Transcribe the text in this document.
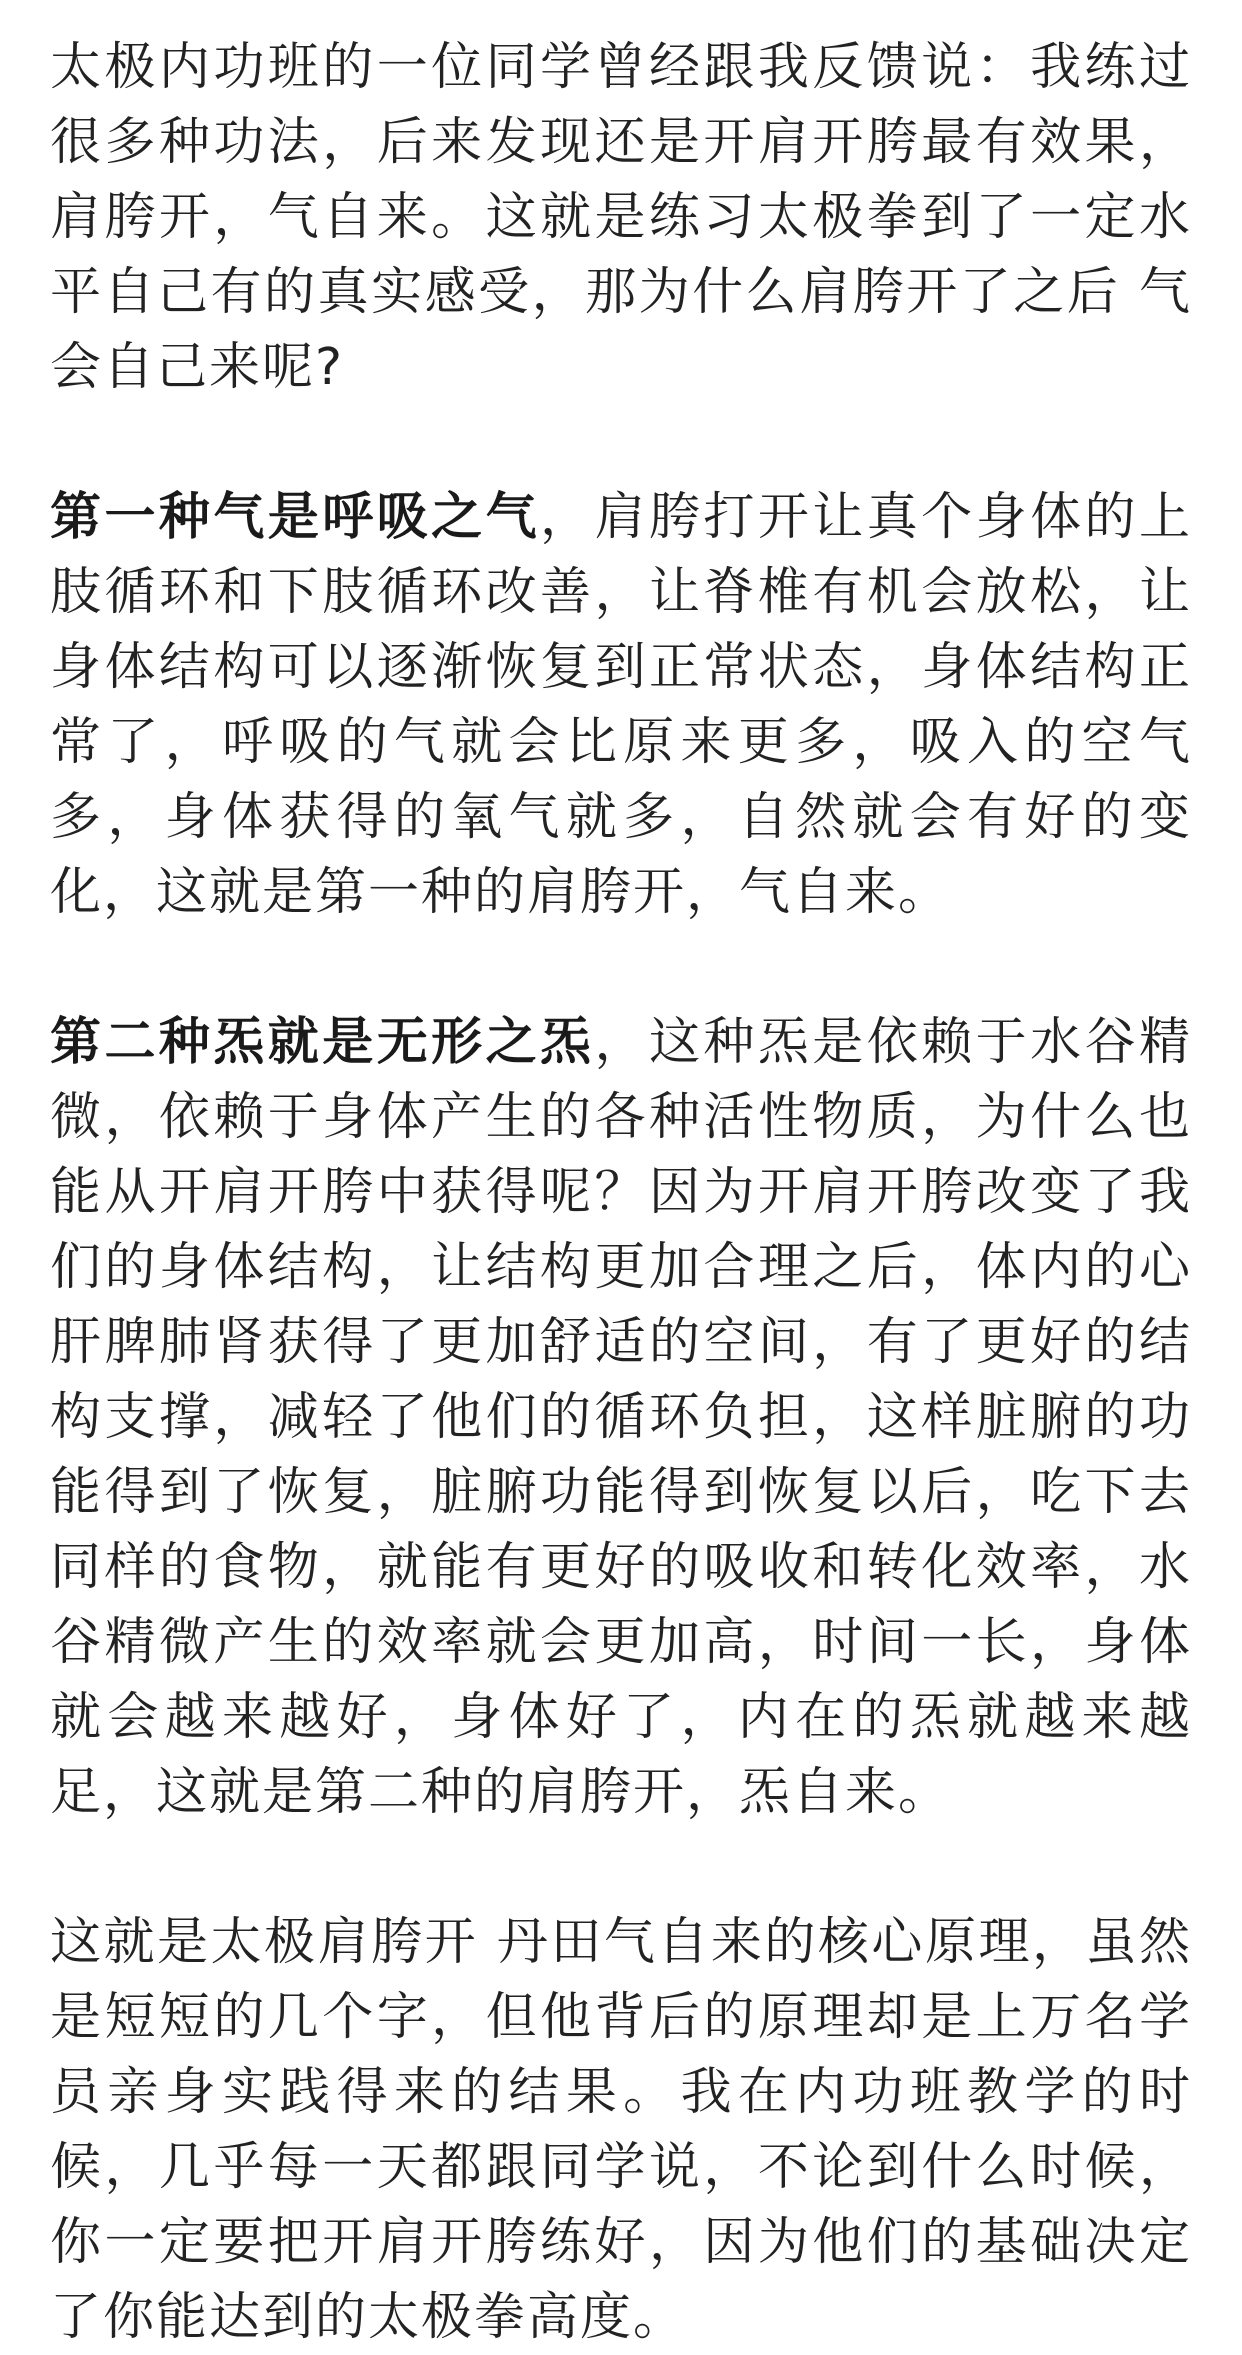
太极内功班的一位同学曾经跟我反馈说：我练过很多种功法，后来发现还是开肩开胯最有效果，肩胯开，气自来。这就是练习太极拳到了一定水平自己有的真实感受，那为什么肩胯开了之后 气会自己来呢?

第一种气是呼吸之气，肩胯打开让真个身体的上肢循环和下肢循环改善，让脊椎有机会放松，让身体结构可以逐渐恢复到正常状态，身体结构正常了，呼吸的气就会比原来更多，吸入的空气多，身体获得的氧气就多，自然就会有好的变化，这就是第一种的肩胯开，气自来。

第二种炁就是无形之炁，这种炁是依赖于水谷精微，依赖于身体产生的各种活性物质，为什么也能从开肩开胯中获得呢？因为开肩开胯改变了我们的身体结构，让结构更加合理之后，体内的心肝脾肺肾获得了更加舒适的空间，有了更好的结构支撑，减轻了他们的循环负担，这样脏腑的功能得到了恢复，脏腑功能得到恢复以后，吃下去同样的食物，就能有更好的吸收和转化效率，水谷精微产生的效率就会更加高，时间一长，身体就会越来越好，身体好了，内在的炁就越来越足，这就是第二种的肩胯开，炁自来。

这就是太极肩胯开 丹田气自来的核心原理，虽然是短短的几个字，但他背后的原理却是上万名学员亲身实践得来的结果。我在内功班教学的时候，几乎每一天都跟同学说，不论到什么时候，你一定要把开肩开胯练好，因为他们的基础决定了你能达到的太极拳高度。
